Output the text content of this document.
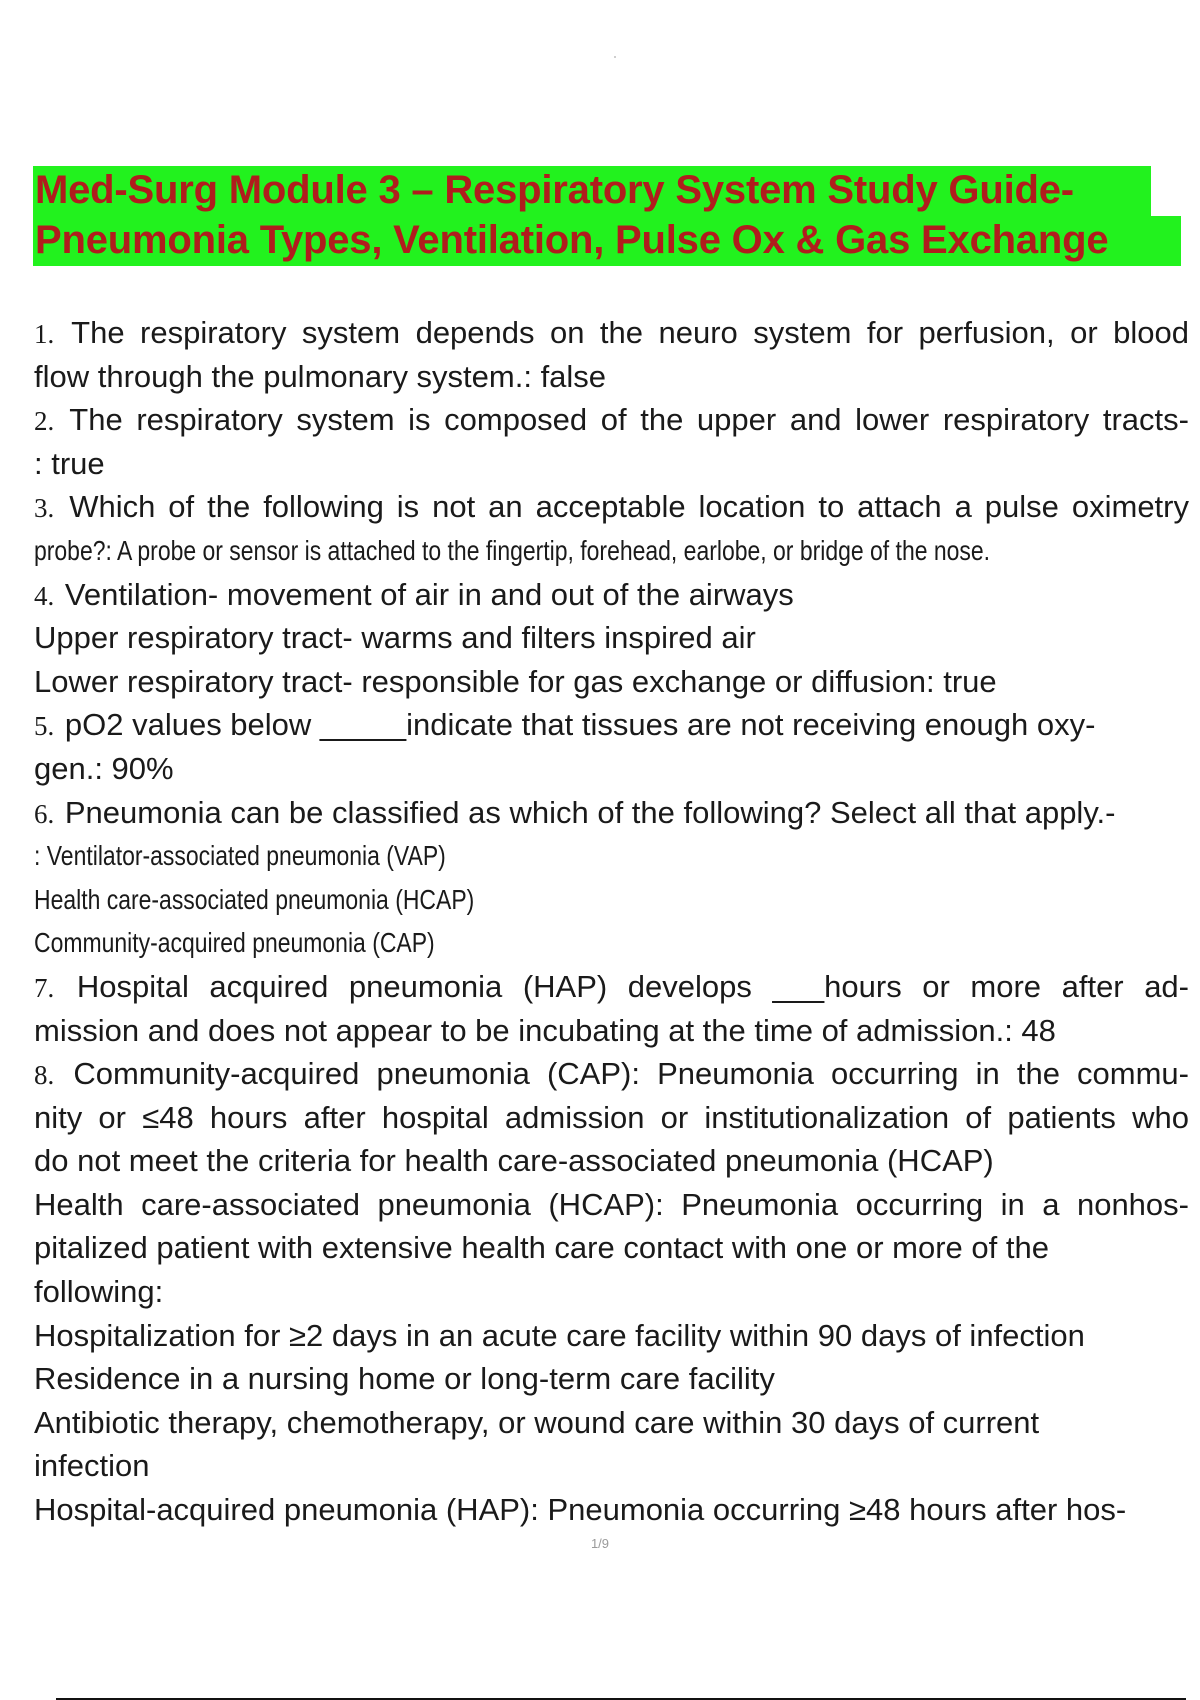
Med-Surg Module 3 – Respiratory System Study Guide-
Pneumonia Types, Ventilation, Pulse Ox & Gas Exchange
1. The respiratory system depends on the neuro system for perfusion, or blood
flow through the pulmonary system.: false
2. The respiratory system is composed of the upper and lower respiratory tracts-
: true
3. Which of the following is not an acceptable location to attach a pulse oximetry
probe?: A probe or sensor is attached to the fingertip, forehead, earlobe, or bridge of the nose.
4. Ventilation- movement of air in and out of the airways
Upper respiratory tract- warms and filters inspired air
Lower respiratory tract- responsible for gas exchange or diffusion: true
5. pO2 values below _____indicate that tissues are not receiving enough oxy-
gen.: 90%
6. Pneumonia can be classified as which of the following? Select all that apply.-
: Ventilator-associated pneumonia (VAP)
Health care-associated pneumonia (HCAP)
Community-acquired pneumonia (CAP)
7. Hospital acquired pneumonia (HAP) develops ___hours or more after ad-
mission and does not appear to be incubating at the time of admission.: 48
8. Community-acquired pneumonia (CAP): Pneumonia occurring in the commu-
nity or ≤48 hours after hospital admission or institutionalization of patients who
do not meet the criteria for health care-associated pneumonia (HCAP)
Health care-associated pneumonia (HCAP): Pneumonia occurring in a nonhos-
pitalized patient with extensive health care contact with one or more of the
following:
Hospitalization for ≥2 days in an acute care facility within 90 days of infection
Residence in a nursing home or long-term care facility
Antibiotic therapy, chemotherapy, or wound care within 30 days of current
infection
Hospital-acquired pneumonia (HAP): Pneumonia occurring ≥48 hours after hos-
1/9
